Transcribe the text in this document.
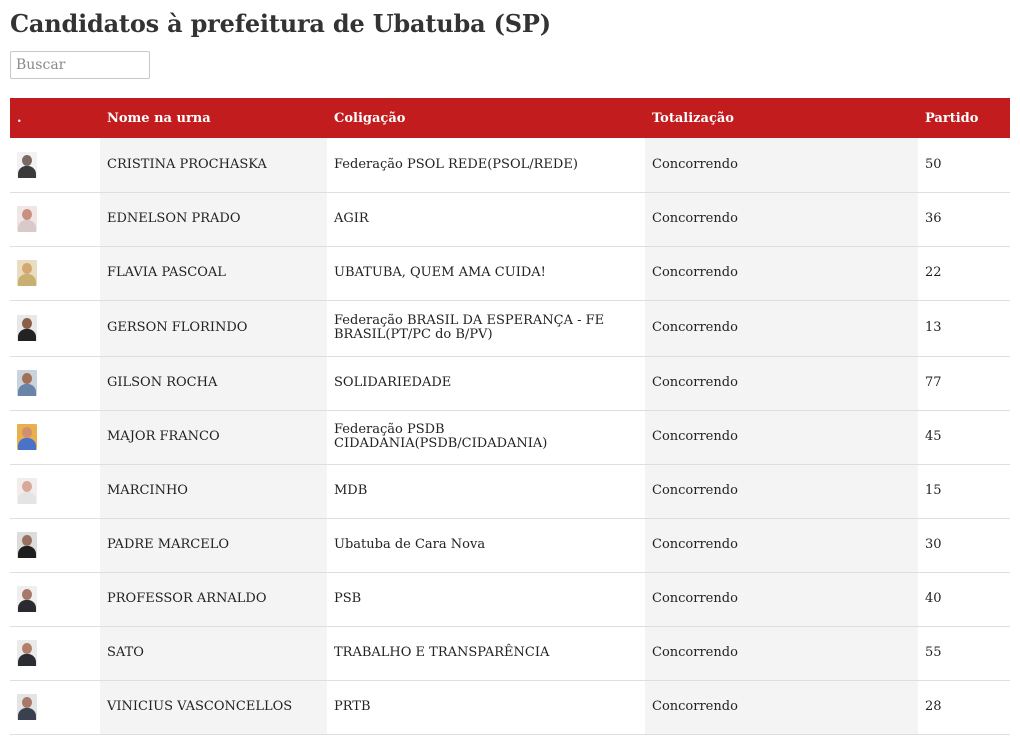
Candidatos à prefeitura de Ubatuba (SP)
Buscar
.	Nome na urna	Coligação	Totalização	Partido

	CRISTINA PROCHASKA	Federação PSOL REDE(PSOL/REDE)	Concorrendo	50

	EDNELSON PRADO	AGIR	Concorrendo	36

	FLAVIA PASCOAL	UBATUBA, QUEM AMA CUIDA!	Concorrendo	22

	GERSON FLORINDO	Federação BRASIL DA ESPERANÇA - FE BRASIL(PT/PC do B/PV)	Concorrendo	13

	GILSON ROCHA	SOLIDARIEDADE	Concorrendo	77

	MAJOR FRANCO	Federação PSDB CIDADANIA(PSDB/CIDADANIA)	Concorrendo	45

	MARCINHO	MDB	Concorrendo	15

	PADRE MARCELO	Ubatuba de Cara Nova	Concorrendo	30

	PROFESSOR ARNALDO	PSB	Concorrendo	40

	SATO	TRABALHO E TRANSPARÊNCIA	Concorrendo	55

	VINICIUS VASCONCELLOS	PRTB	Concorrendo	28
